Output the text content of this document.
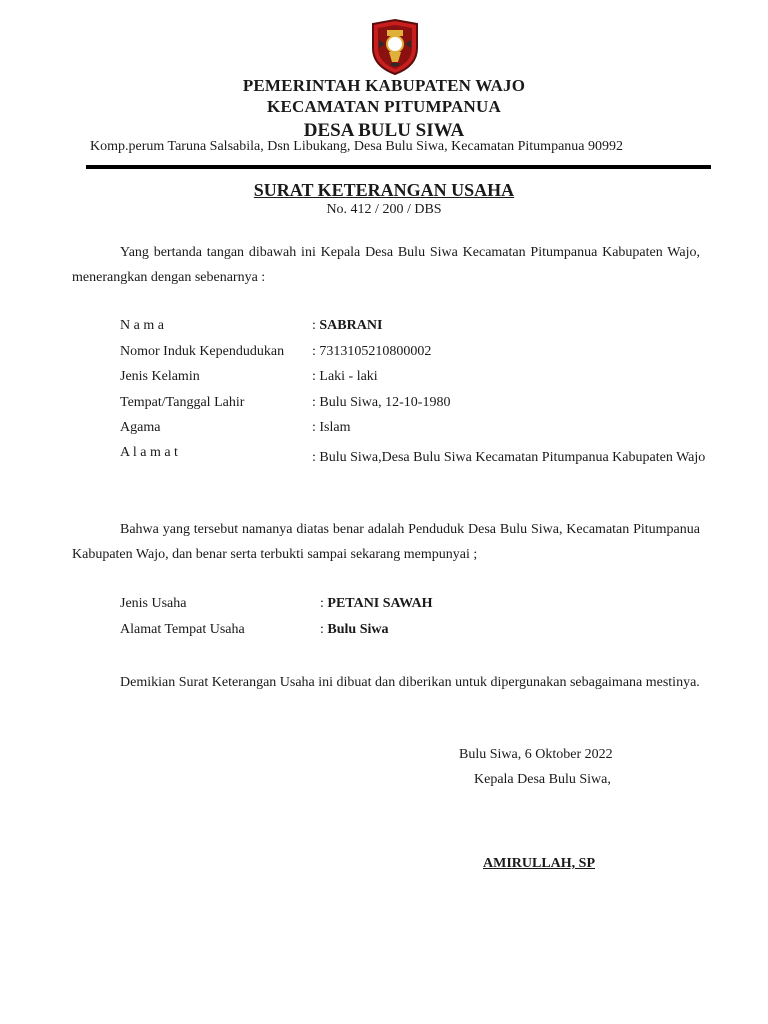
PEMERINTAH KABUPATEN WAJO
KECAMATAN PITUMPANUA
DESA BULU SIWA
Komp.perum Taruna Salsabila, Dsn Libukang, Desa Bulu Siwa, Kecamatan Pitumpanua 90992
SURAT KETERANGAN USAHA
No. 412 / 200 / DBS
Yang bertanda tangan dibawah ini Kepala Desa Bulu Siwa Kecamatan Pitumpanua Kabupaten Wajo, menerangkan dengan sebenarnya :
N a m a	: SABRANI
Nomor Induk Kependudukan : 7313105210800002
Jenis Kelamin	: Laki - laki
Tempat/Tanggal Lahir	: Bulu Siwa, 12-10-1980
Agama	: Islam
A l a m a t	: Bulu Siwa,Desa Bulu Siwa Kecamatan Pitumpanua Kabupaten Wajo
Bahwa yang tersebut namanya diatas benar adalah Penduduk Desa Bulu Siwa, Kecamatan Pitumpanua Kabupaten Wajo, dan benar serta terbukti sampai sekarang mempunyai ;
Jenis Usaha	: PETANI SAWAH
Alamat Tempat Usaha	: Bulu Siwa
Demikian Surat Keterangan Usaha ini dibuat dan diberikan untuk dipergunakan sebagaimana mestinya.
Bulu Siwa, 6 Oktober 2022
Kepala Desa Bulu Siwa,
AMIRULLAH, SP
